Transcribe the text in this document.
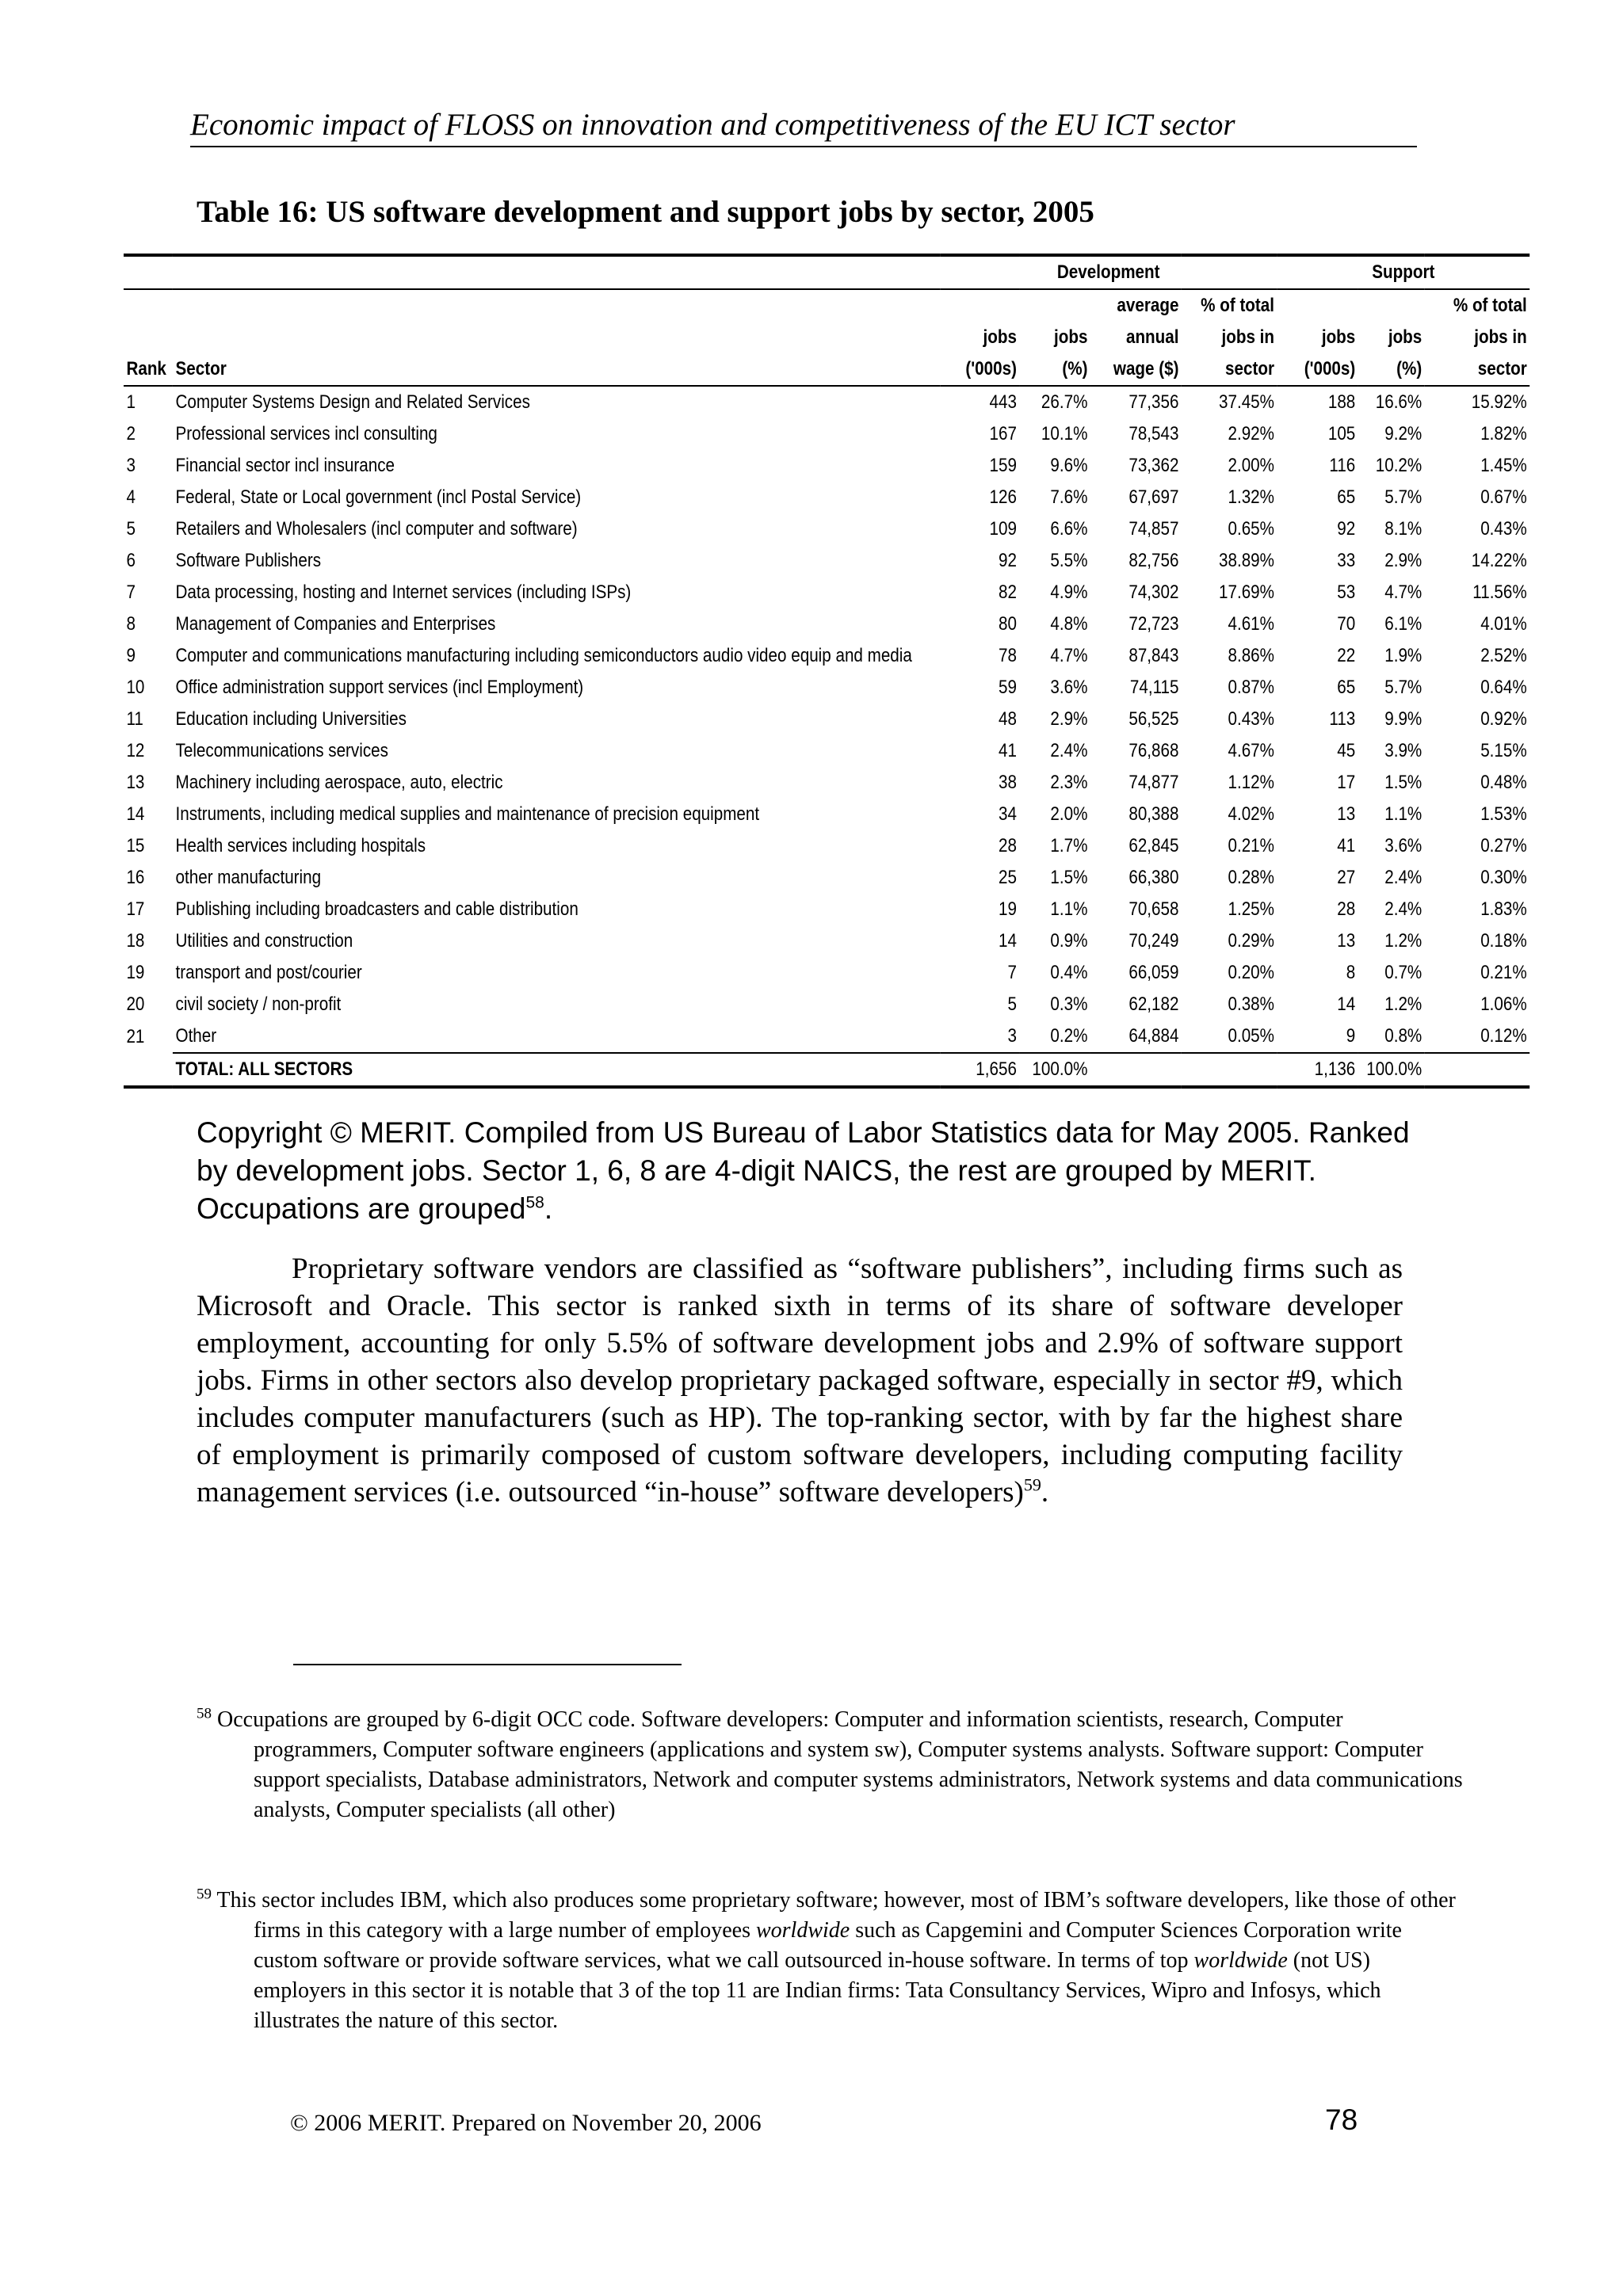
Economic impact of FLOSS on innovation and competitiveness of the EU ICT sector
Table 16: US software development and support jobs by sector, 2005
		Development				Support		
				average	% of total			% of total
		jobs	jobs	annual	jobs in	jobs	jobs	jobs in
Rank	Sector	('000s)	(%)	wage ($)	sector	('000s)	(%)	sector
1	Computer Systems Design and Related Services	443	26.7%	77,356	37.45%	188	16.6%	15.92%
2	Professional services incl consulting	167	10.1%	78,543	2.92%	105	9.2%	1.82%
3	Financial sector incl insurance	159	9.6%	73,362	2.00%	116	10.2%	1.45%
4	Federal, State or Local government (incl Postal Service)	126	7.6%	67,697	1.32%	65	5.7%	0.67%
5	Retailers and Wholesalers (incl computer and software)	109	6.6%	74,857	0.65%	92	8.1%	0.43%
6	Software Publishers	92	5.5%	82,756	38.89%	33	2.9%	14.22%
7	Data processing, hosting and Internet services (including ISPs)	82	4.9%	74,302	17.69%	53	4.7%	11.56%
8	Management of Companies and Enterprises	80	4.8%	72,723	4.61%	70	6.1%	4.01%
9	Computer and communications manufacturing including semiconductors audio video equip and media	78	4.7%	87,843	8.86%	22	1.9%	2.52%
10	Office administration support services (incl Employment)	59	3.6%	74,115	0.87%	65	5.7%	0.64%
11	Education including Universities	48	2.9%	56,525	0.43%	113	9.9%	0.92%
12	Telecommunications services	41	2.4%	76,868	4.67%	45	3.9%	5.15%
13	Machinery including aerospace, auto, electric	38	2.3%	74,877	1.12%	17	1.5%	0.48%
14	Instruments, including medical supplies and maintenance of precision equipment	34	2.0%	80,388	4.02%	13	1.1%	1.53%
15	Health services including hospitals	28	1.7%	62,845	0.21%	41	3.6%	0.27%
16	other manufacturing	25	1.5%	66,380	0.28%	27	2.4%	0.30%
17	Publishing including broadcasters and cable distribution	19	1.1%	70,658	1.25%	28	2.4%	1.83%
18	Utilities and construction	14	0.9%	70,249	0.29%	13	1.2%	0.18%
19	transport and post/courier	7	0.4%	66,059	0.20%	8	0.7%	0.21%
20	civil society / non-profit	5	0.3%	62,182	0.38%	14	1.2%	1.06%
21	Other	3	0.2%	64,884	0.05%	9	0.8%	0.12%
	TOTAL: ALL SECTORS	1,656	100.0%			1,136	100.0%	
Copyright © MERIT. Compiled from US Bureau of Labor Statistics data for May 2005. Ranked by development jobs. Sector 1, 6, 8 are 4-digit NAICS, the rest are grouped by MERIT. Occupations are grouped$^{58}$.
Proprietary software vendors are classified as “software publishers”, including firms such as Microsoft and Oracle. This sector is ranked sixth in terms of its share of software developer employment, accounting for only 5.5% of software development jobs and 2.9% of software support jobs. Firms in other sectors also develop proprietary packaged software, especially in sector #9, which includes computer manufacturers (such as HP). The top-ranking sector, with by far the highest share of employment is primarily composed of custom software developers, including computing facility management services (i.e. outsourced “in-house” software developers)$^{59}$.
$^{58}$ Occupations are grouped by 6-digit OCC code. Software developers: Computer and information scientists, research, Computer programmers, Computer software engineers (applications and system sw), Computer systems analysts. Software support: Computer support specialists, Database administrators, Network and computer systems administrators, Network systems and data communications analysts, Computer specialists (all other)
$^{59}$ This sector includes IBM, which also produces some proprietary software; however, most of IBM’s software developers, like those of other firms in this category with a large number of employees worldwide such as Capgemini and Computer Sciences Corporation write custom software or provide software services, what we call outsourced in-house software. In terms of top worldwide (not US) employers in this sector it is notable that 3 of the top 11 are Indian firms: Tata Consultancy Services, Wipro and Infosys, which illustrates the nature of this sector.
© 2006 MERIT. Prepared on November 20, 2006	78
